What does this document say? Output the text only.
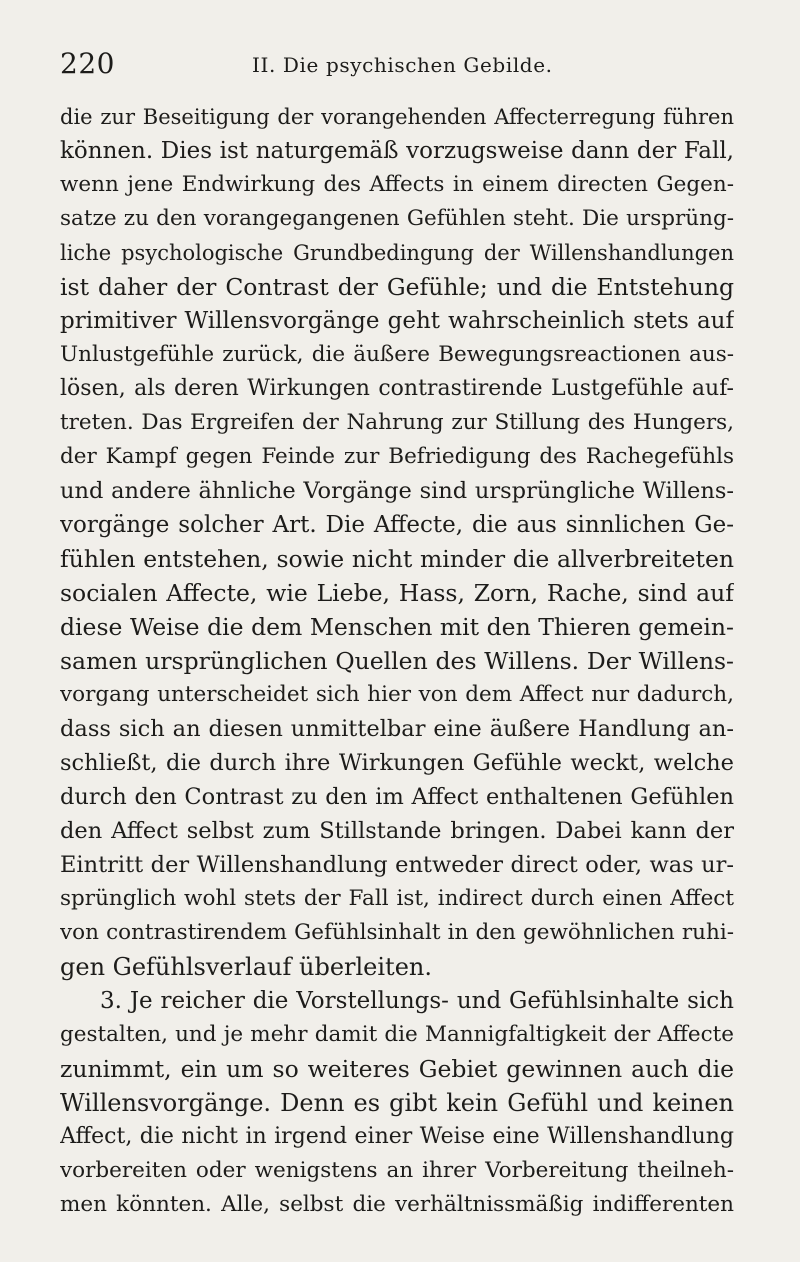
220	II. Die psychischen Gebilde.
die zur Beseitigung der vorangehenden Affecterregung führen
können. Dies ist naturgemäß vorzugsweise dann der Fall,
wenn jene Endwirkung des Affects in einem directen Gegen-
satze zu den vorangegangenen Gefühlen steht. Die ursprüng-
liche psychologische Grundbedingung der Willenshandlungen
ist daher der Contrast der Gefühle; und die Entstehung
primitiver Willensvorgänge geht wahrscheinlich stets auf
Unlustgefühle zurück, die äußere Bewegungsreactionen aus-
lösen, als deren Wirkungen contrastirende Lustgefühle auf-
treten. Das Ergreifen der Nahrung zur Stillung des Hungers,
der Kampf gegen Feinde zur Befriedigung des Rachegefühls
und andere ähnliche Vorgänge sind ursprüngliche Willens-
vorgänge solcher Art. Die Affecte, die aus sinnlichen Ge-
fühlen entstehen, sowie nicht minder die allverbreiteten
socialen Affecte, wie Liebe, Hass, Zorn, Rache, sind auf
diese Weise die dem Menschen mit den Thieren gemein-
samen ursprünglichen Quellen des Willens. Der Willens-
vorgang unterscheidet sich hier von dem Affect nur dadurch,
dass sich an diesen unmittelbar eine äußere Handlung an-
schließt, die durch ihre Wirkungen Gefühle weckt, welche
durch den Contrast zu den im Affect enthaltenen Gefühlen
den Affect selbst zum Stillstande bringen. Dabei kann der
Eintritt der Willenshandlung entweder direct oder, was ur-
sprünglich wohl stets der Fall ist, indirect durch einen Affect
von contrastirendem Gefühlsinhalt in den gewöhnlichen ruhi-
gen Gefühlsverlauf überleiten.
3. Je reicher die Vorstellungs- und Gefühlsinhalte sich
gestalten, und je mehr damit die Mannigfaltigkeit der Affecte
zunimmt, ein um so weiteres Gebiet gewinnen auch die
Willensvorgänge. Denn es gibt kein Gefühl und keinen
Affect, die nicht in irgend einer Weise eine Willenshandlung
vorbereiten oder wenigstens an ihrer Vorbereitung theilneh-
men könnten. Alle, selbst die verhältnissmäßig indifferenten
